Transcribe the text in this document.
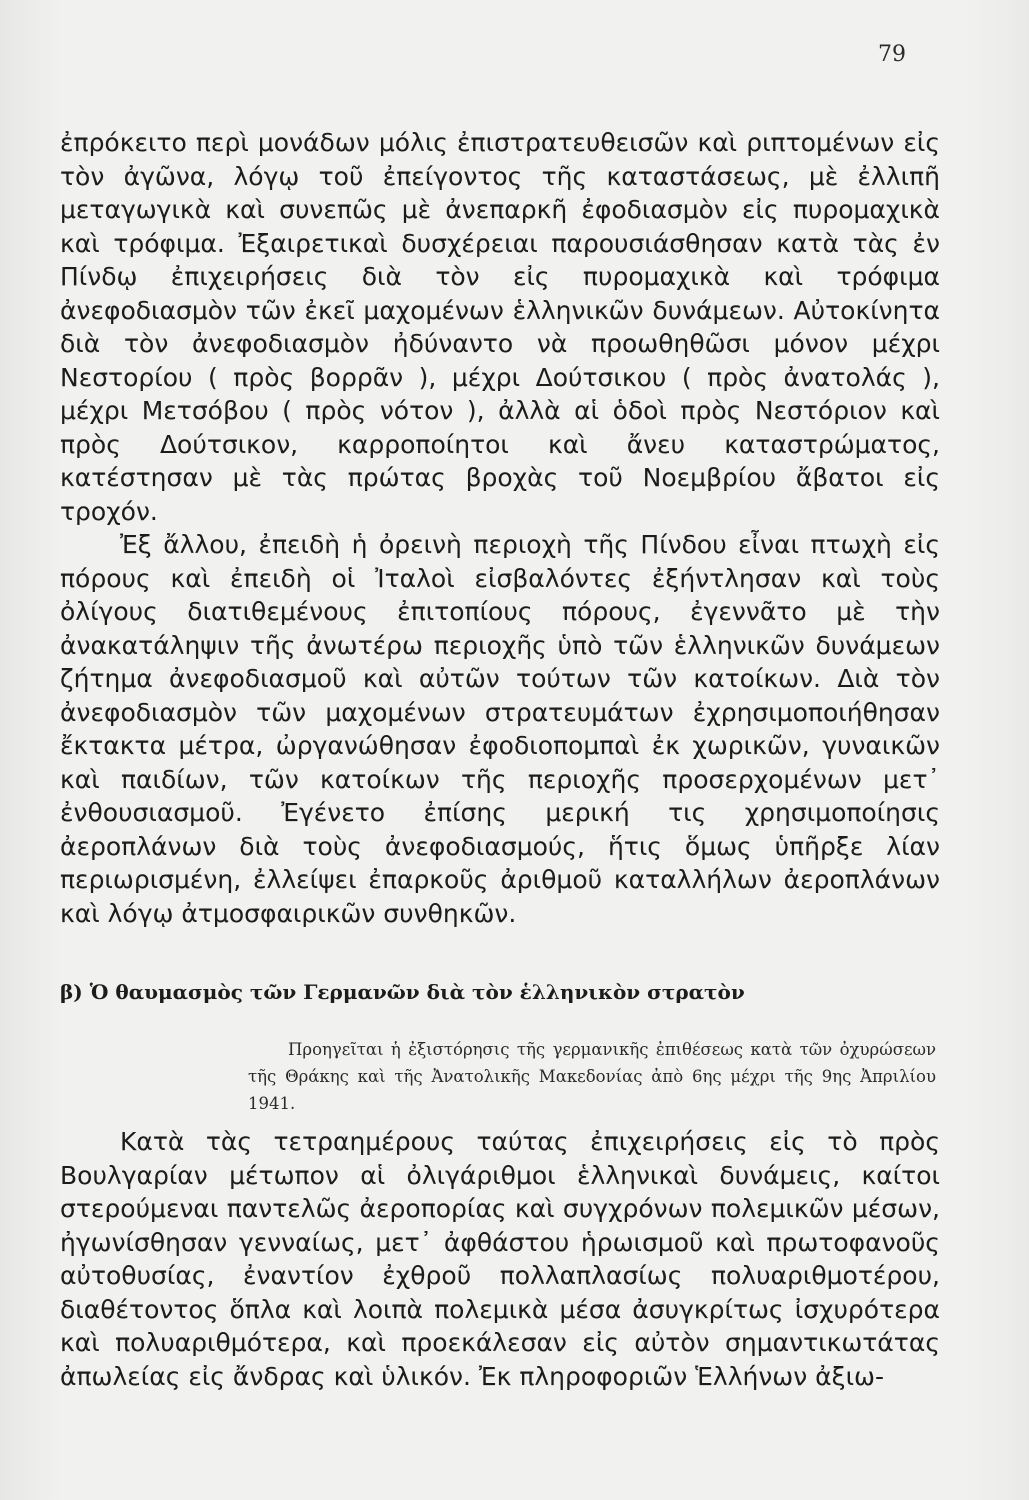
79

ἐπρόκειτο περὶ μονάδων μόλις ἐπιστρατευθεισῶν καὶ ριπτομένων εἰς τὸν ἀγῶνα, λόγῳ τοῦ ἐπείγοντος τῆς καταστάσεως, μὲ ἐλλιπῆ μεταγωγικὰ καὶ συνεπῶς μὲ ἀνεπαρκῆ ἐφοδιασμὸν εἰς πυρομαχικὰ καὶ τρόφιμα. Ἐξαιρετικαὶ δυσχέρειαι παρουσιάσθησαν κατὰ τὰς ἐν Πίνδῳ ἐπιχειρήσεις διὰ τὸν εἰς πυρομαχικὰ καὶ τρόφιμα ἀνεφοδιασμὸν τῶν ἐκεῖ μαχομένων ἑλληνικῶν δυνάμεων. Αὐτοκίνητα διὰ τὸν ἀνεφοδιασμὸν ἠδύναντο νὰ προωθηθῶσι μόνον μέχρι Νεστορίου ( πρὸς βορρᾶν ), μέχρι Δούτσικου ( πρὸς ἀνατολάς ), μέχρι Μετσόβου ( πρὸς νότον ), ἀλλὰ αἱ ὁδοὶ πρὸς Νεστόριον καὶ πρὸς Δούτσικον, καρροποίητοι καὶ ἄνευ καταστρώματος, κατέστησαν μὲ τὰς πρώτας βροχὰς τοῦ Νοεμβρίου ἄβατοι εἰς τροχόν.

Ἐξ ἄλλου, ἐπειδὴ ἡ ὀρεινὴ περιοχὴ τῆς Πίνδου εἶναι πτωχὴ εἰς πόρους καὶ ἐπειδὴ οἱ Ἰταλοὶ εἰσβαλόντες ἐξήντλησαν καὶ τοὺς ὀλίγους διατιθεμένους ἐπιτοπίους πόρους, ἐγεννᾶτο μὲ τὴν ἀνακατάληψιν τῆς ἀνωτέρω περιοχῆς ὑπὸ τῶν ἑλληνικῶν δυνάμεων ζήτημα ἀνεφοδιασμοῦ καὶ αὐτῶν τούτων τῶν κατοίκων. Διὰ τὸν ἀνεφοδιασμὸν τῶν μαχομένων στρατευμάτων ἐχρησιμοποιήθησαν ἔκτακτα μέτρα, ὠργανώθησαν ἐφοδιοπομπαὶ ἐκ χωρικῶν, γυναικῶν καὶ παιδίων, τῶν κατοίκων τῆς περιοχῆς προσερχομένων μετ᾿ ἐνθουσιασμοῦ. Ἐγένετο ἐπίσης μερική τις χρησιμοποίησις ἀεροπλάνων διὰ τοὺς ἀνεφοδιασμούς, ἥτις ὅμως ὑπῆρξε λίαν περιωρισμένη, ἐλλείψει ἐπαρκοῦς ἀριθμοῦ καταλλήλων ἀεροπλάνων καὶ λόγῳ ἀτμοσφαιρικῶν συνθηκῶν.

β) Ὁ θαυμασμὸς τῶν Γερμανῶν διὰ τὸν ἑλληνικὸν στρατὸν

Προηγεῖται ἡ ἐξιστόρησις τῆς γερμανικῆς ἐπιθέσεως κατὰ τῶν ὀχυρώσεων τῆς Θράκης καὶ τῆς Ἀνατολικῆς Μακεδονίας ἀπὸ 6ης μέχρι τῆς 9ης Ἀπριλίου 1941.

Κατὰ τὰς τετραημέρους ταύτας ἐπιχειρήσεις εἰς τὸ πρὸς Βουλγαρίαν μέτωπον αἱ ὀλιγάριθμοι ἑλληνικαὶ δυνάμεις, καίτοι στερούμεναι παντελῶς ἀεροπορίας καὶ συγχρόνων πολεμικῶν μέσων, ἠγωνίσθησαν γενναίως, μετ᾿ ἀφθάστου ἡρωισμοῦ καὶ πρωτοφανοῦς αὐτοθυσίας, ἐναντίον ἐχθροῦ πολλαπλασίως πολυαριθμοτέρου, διαθέτοντος ὅπλα καὶ λοιπὰ πολεμικὰ μέσα ἀσυγκρίτως ἰσχυρότερα καὶ πολυαριθμότερα, καὶ προεκάλεσαν εἰς αὐτὸν σημαντικωτάτας ἀπωλείας εἰς ἄνδρας καὶ ὑλικόν. Ἐκ πληροφοριῶν Ἑλλήνων ἀξιω-
